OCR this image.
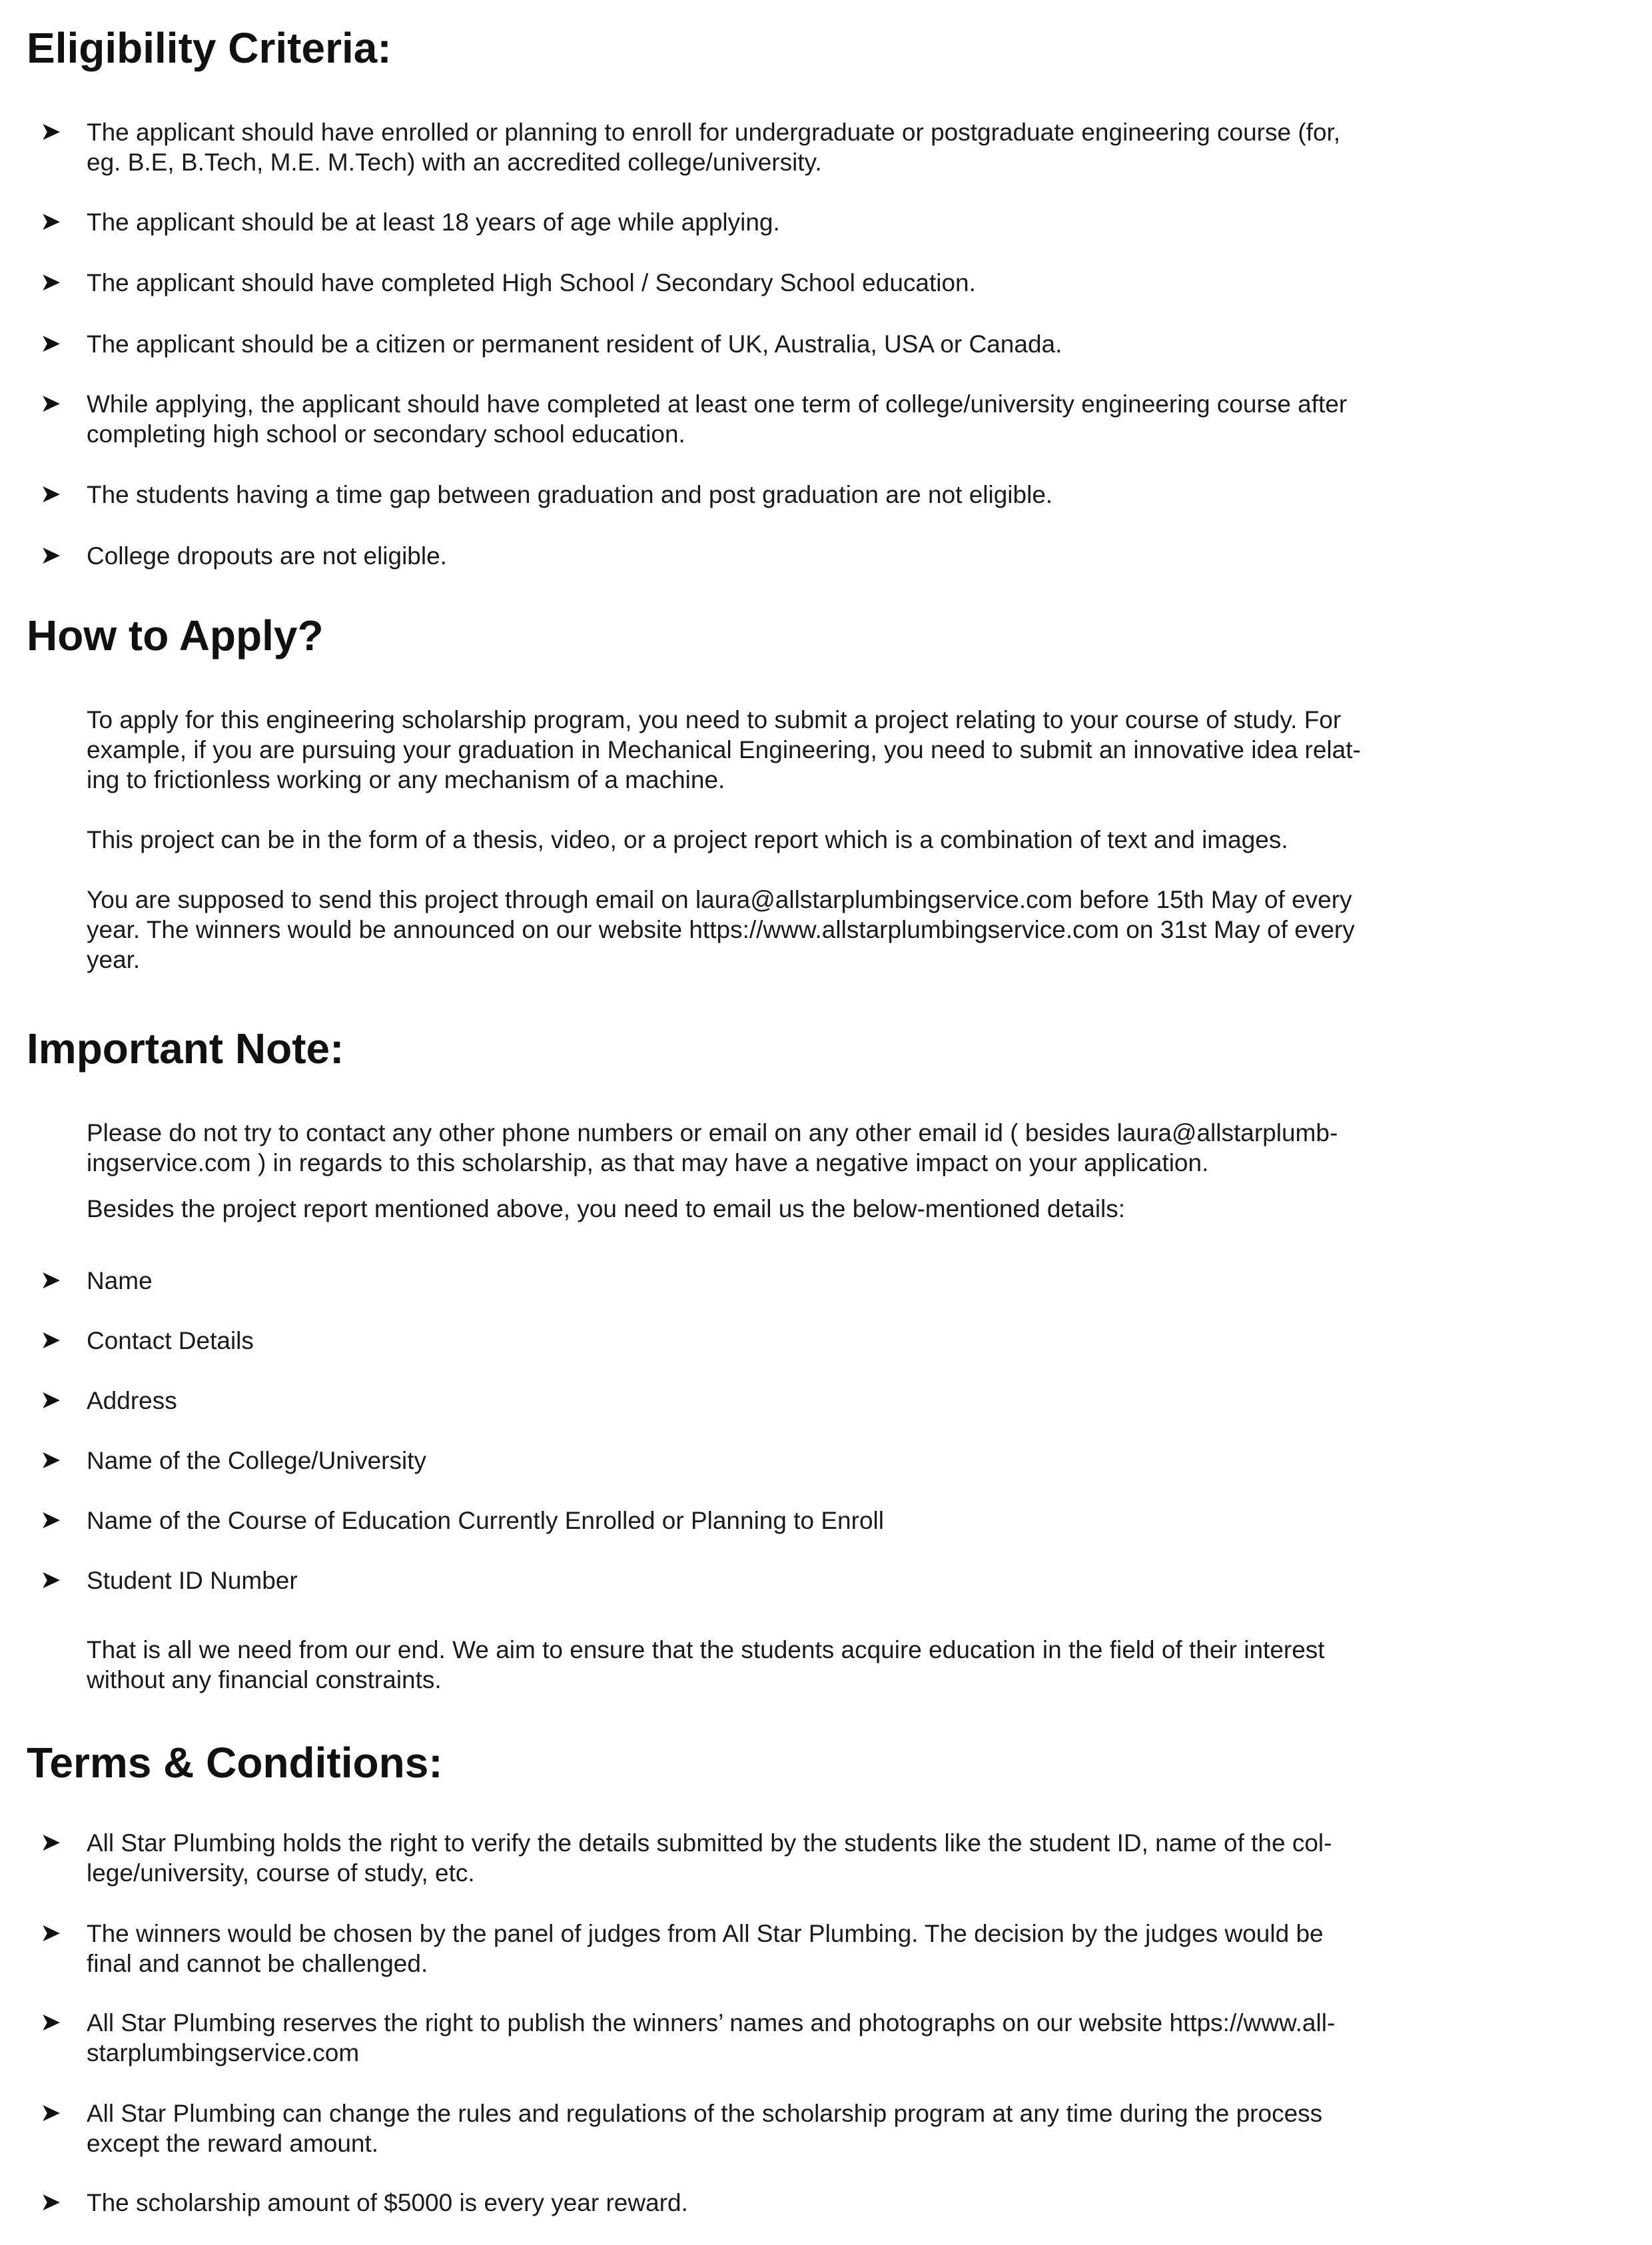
Eligibility Criteria:
➤	The applicant should have enrolled or planning to enroll for undergraduate or postgraduate engineering course (for, eg. B.E, B.Tech, M.E. M.Tech) with an accredited college/university.
➤	The applicant should be at least 18 years of age while applying.
➤	The applicant should have completed High School / Secondary School education.
➤	The applicant should be a citizen or permanent resident of UK, Australia, USA or Canada.
➤	While applying, the applicant should have completed at least one term of college/university engineering course after completing high school or secondary school education.
➤	The students having a time gap between graduation and post graduation are not eligible.
➤	College dropouts are not eligible.
How to Apply?

To apply for this engineering scholarship program, you need to submit a project relating to your course of study. For example, if you are pursuing your graduation in Mechanical Engineering, you need to submit an innovative idea relat-ing to frictionless working or any mechanism of a machine.

This project can be in the form of a thesis, video, or a project report which is a combination of text and images.

You are supposed to send this project through email on laura@allstarplumbingservice.com before 15th May of every year. The winners would be announced on our website https://www.allstarplumbingservice.com on 31st May of every year.

Important Note:

Please do not try to contact any other phone numbers or email on any other email id ( besides laura@allstarplumb-ingservice.com ) in regards to this scholarship, as that may have a negative impact on your application.

Besides the project report mentioned above, you need to email us the below-mentioned details:

➤	Name
➤	Contact Details
➤	Address
➤	Name of the College/University
➤	Name of the Course of Education Currently Enrolled or Planning to Enroll
➤	Student ID Number

That is all we need from our end. We aim to ensure that the students acquire education in the field of their interest without any financial constraints.

Terms & Conditions:
➤	All Star Plumbing holds the right to verify the details submitted by the students like the student ID, name of the col-lege/university, course of study, etc.
➤	The winners would be chosen by the panel of judges from All Star Plumbing. The decision by the judges would be final and cannot be challenged.
➤	All Star Plumbing reserves the right to publish the winners’ names and photographs on our website https://www.all-starplumbingservice.com
➤	All Star Plumbing can change the rules and regulations of the scholarship program at any time during the process except the reward amount.
➤	The scholarship amount of $5000 is every year reward.
